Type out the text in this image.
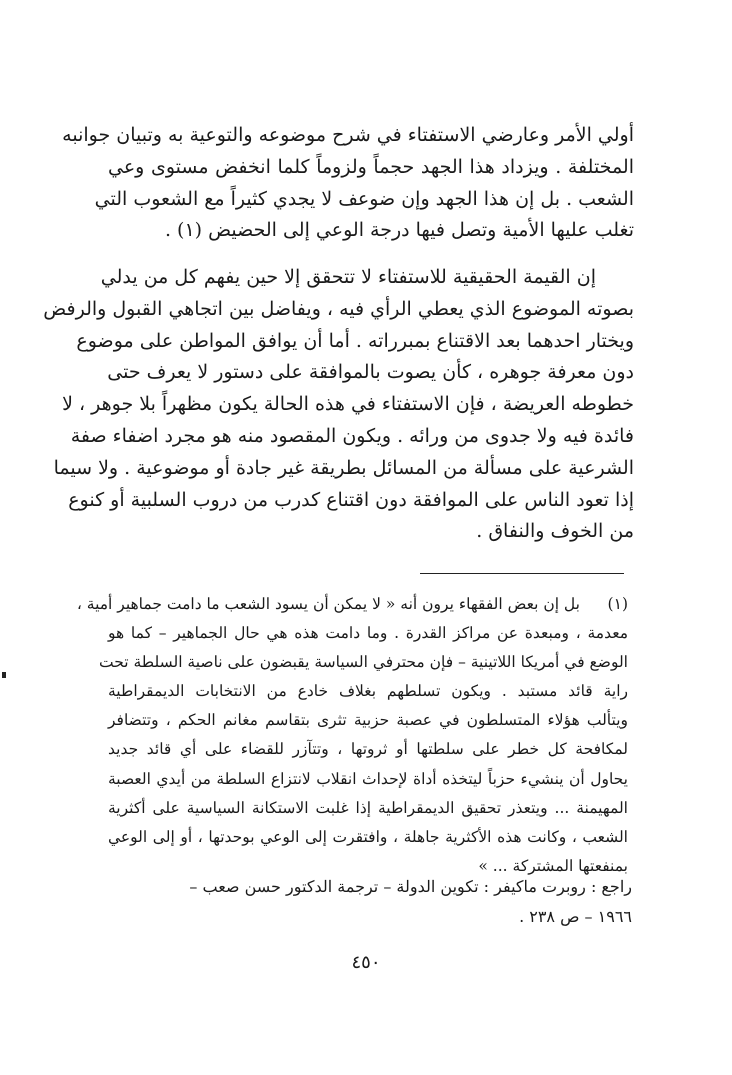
أولي الأمر وعارضي الاستفتاء في شرح موضوعه والتوعية به وتبيان جوانبه
المختلفة . ويزداد هذا الجهد حجماً ولزوماً كلما انخفض مستوى وعي
الشعب . بل إن هذا الجهد وإن ضوعف لا يجدي كثيراً مع الشعوب التي
تغلب عليها الأمية وتصل فيها درجة الوعي إلى الحضيض (١) .
إن القيمة الحقيقية للاستفتاء لا تتحقق إلا حين يفهم كل من يدلي
بصوته الموضوع الذي يعطي الرأي فيه ، ويفاضل بين اتجاهي القبول والرفض
ويختار احدهما بعد الاقتناع بمبرراته . أما أن يوافق المواطن على موضوع
دون معرفة جوهره ، كأن يصوت بالموافقة على دستور لا يعرف حتى
خطوطه العريضة ، فإن الاستفتاء في هذه الحالة يكون مظهراً بلا جوهر ، لا
فائدة فيه ولا جدوى من ورائه . ويكون المقصود منه هو مجرد اضفاء صفة
الشرعية على مسألة من المسائل بطريقة غير جادة أو موضوعية . ولا سيما
إذا تعود الناس على الموافقة دون اقتناع كدرب من دروب السلبية أو كنوع
من الخوف والنفاق .
(١)
بل إن بعض الفقهاء يرون أنه « لا يمكن أن يسود الشعب ما دامت جماهير أمية ،
معدمة ، ومبعدة عن مراكز القدرة . وما دامت هذه هي حال الجماهير – كما هو
الوضع في أمريكا اللاتينية – فإن محترفي السياسة يقبضون على ناصية السلطة تحت
راية قائد مستبد . ويكون تسلطهم بغلاف خادع من الانتخابات الديمقراطية
ويتألب هؤلاء المتسلطون في عصبة حزبية تثرى بتقاسم مغانم الحكم ، وتتضافر
لمكافحة كل خطر على سلطتها أو ثروتها ، وتتآزر للقضاء على أي قائد جديد
يحاول أن ينشيء حزباً ليتخذه أداة لإحداث انقلاب لانتزاع السلطة من أيدي العصبة
المهيمنة ... ويتعذر تحقيق الديمقراطية إذا غلبت الاستكانة السياسية على أكثرية
الشعب ، وكانت هذه الأكثرية جاهلة ، وافتقرت إلى الوعي بوحدتها ، أو إلى الوعي
بمنفعتها المشتركة ... »
راجع : روبرت ماكيفر : تكوين الدولة – ترجمة الدكتور حسن صعب –
١٩٦٦ – ص ٢٣٨ .
٤٥٠
